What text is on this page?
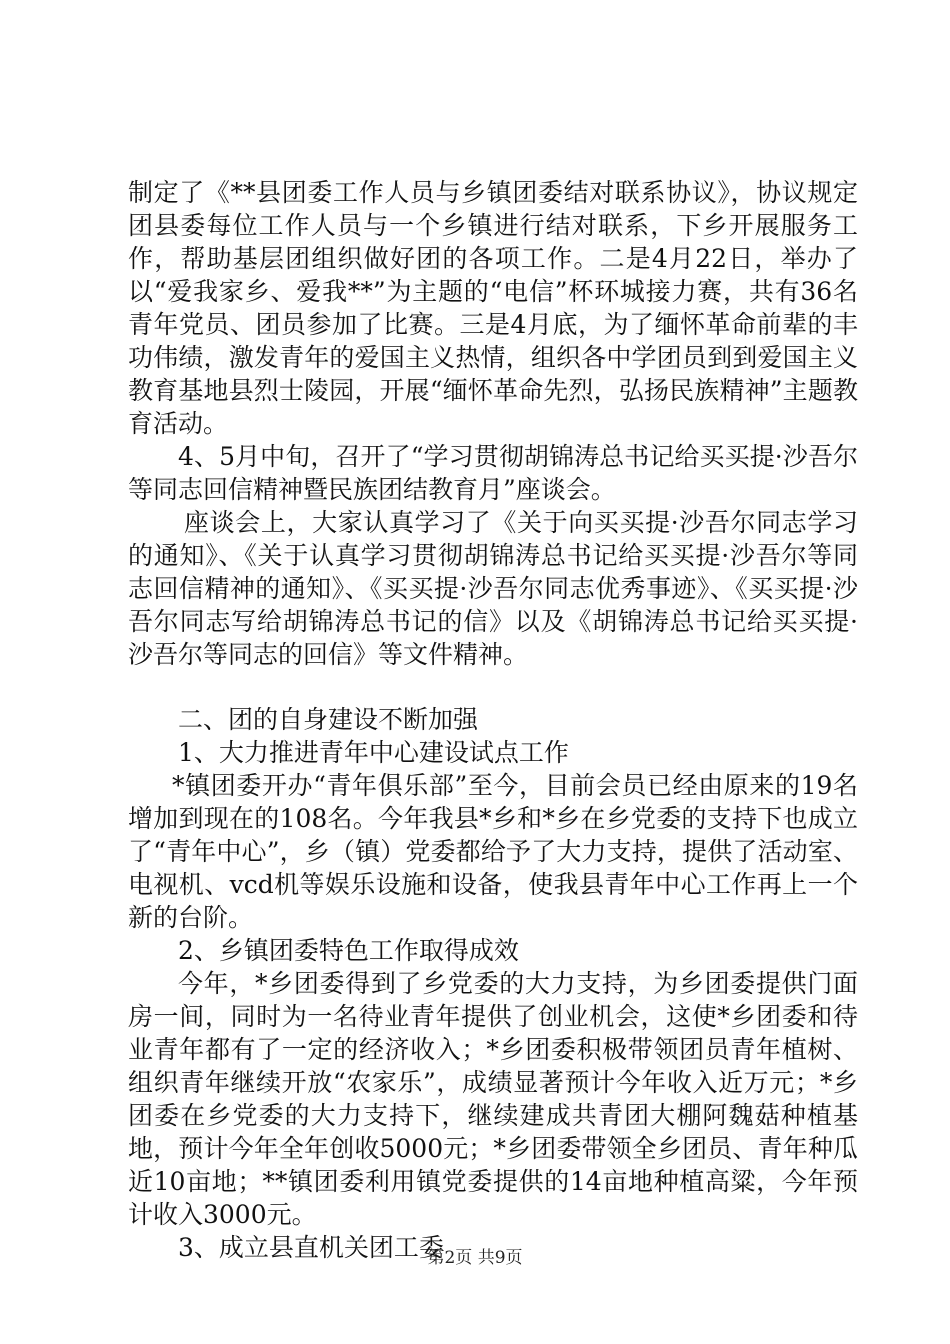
制定了《**县团委工作人员与乡镇团委结对联系协议》，协议规定团县委每位工作人员与一个乡镇进行结对联系，下乡开展服务工作，帮助基层团组织做好团的各项工作。二是4月22日，举办了以“爱我家乡、爱我**”为主题的“电信”杯环城接力赛，共有36名青年党员、团员参加了比赛。三是4月底，为了缅怀革命前辈的丰功伟绩，激发青年的爱国主义热情，组织各中学团员到到爱国主义教育基地县烈士陵园，开展“缅怀革命先烈，弘扬民族精神”主题教育活动。

4、5月中旬，召开了“学习贯彻胡锦涛总书记给买买提·沙吾尔等同志回信精神暨民族团结教育月”座谈会。

座谈会上，大家认真学习了《关于向买买提·沙吾尔同志学习的通知》、《关于认真学习贯彻胡锦涛总书记给买买提·沙吾尔等同志回信精神的通知》、《买买提·沙吾尔同志优秀事迹》、《买买提·沙吾尔同志写给胡锦涛总书记的信》以及《胡锦涛总书记给买买提·沙吾尔等同志的回信》等文件精神。

二、团的自身建设不断加强

1、大力推进青年中心建设试点工作

*镇团委开办“青年俱乐部”至今，目前会员已经由原来的19名增加到现在的108名。今年我县*乡和*乡在乡党委的支持下也成立了“青年中心”，乡（镇）党委都给予了大力支持，提供了活动室、电视机、vcd机等娱乐设施和设备，使我县青年中心工作再上一个新的台阶。

2、乡镇团委特色工作取得成效

今年，*乡团委得到了乡党委的大力支持，为乡团委提供门面房一间，同时为一名待业青年提供了创业机会，这使*乡团委和待业青年都有了一定的经济收入；*乡团委积极带领团员青年植树、组织青年继续开放“农家乐”，成绩显著预计今年收入近万元；*乡团委在乡党委的大力支持下，继续建成共青团大棚阿魏菇种植基地，预计今年全年创收5000元；*乡团委带领全乡团员、青年种瓜近10亩地；**镇团委利用镇党委提供的14亩地种植高粱，今年预计收入3000元。

3、成立县直机关团工委

第2页 共9页
